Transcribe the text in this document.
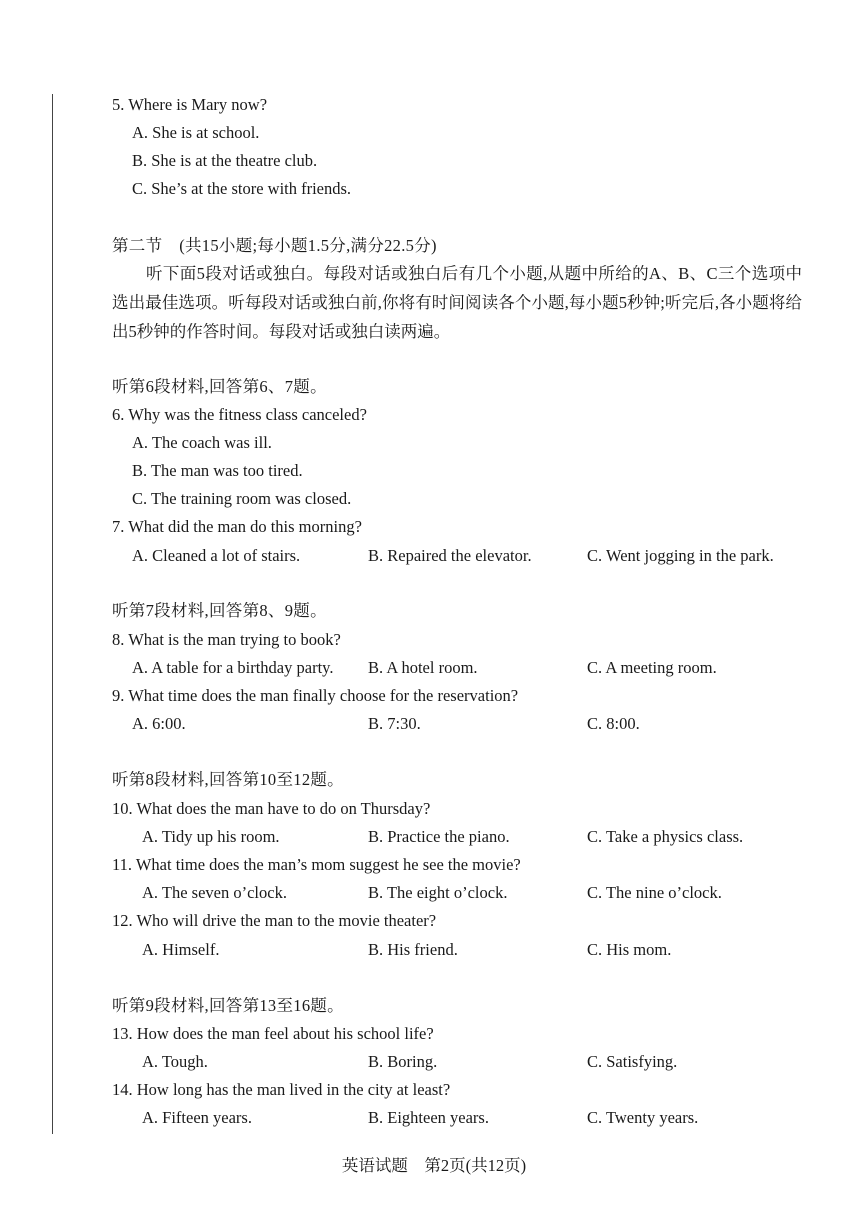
5. Where is Mary now?
A. She is at school.
B. She is at the theatre club.
C. She’s at the store with friends.
第二节　(共15小题;每小题1.5分,满分22.5分)
听下面5段对话或独白。每段对话或独白后有几个小题,从题中所给的A、B、C三个选项中选出最佳选项。听每段对话或独白前,你将有时间阅读各个小题,每小题5秒钟;听完后,各小题将给出5秒钟的作答时间。每段对话或独白读两遍。
听第6段材料,回答第6、7题。
6. Why was the fitness class canceled?
A. The coach was ill.
B. The man was too tired.
C. The training room was closed.
7. What did the man do this morning?
A. Cleaned a lot of stairs.	B. Repaired the elevator.	C. Went jogging in the park.
听第7段材料,回答第8、9题。
8. What is the man trying to book?
A. A table for a birthday party. B. A hotel room.	C. A meeting room.
9. What time does the man finally choose for the reservation?
A. 6:00.	B. 7:30.	C. 8:00.
听第8段材料,回答第10至12题。
10. What does the man have to do on Thursday?
A. Tidy up his room.	B. Practice the piano.	C. Take a physics class.
11. What time does the man’s mom suggest he see the movie?
A. The seven o’clock.	B. The eight o’clock.	C. The nine o’clock.
12. Who will drive the man to the movie theater?
A. Himself.	B. His friend.	C. His mom.
听第9段材料,回答第13至16题。
13. How does the man feel about his school life?
A. Tough.	B. Boring.	C. Satisfying.
14. How long has the man lived in the city at least?
A. Fifteen years.	B. Eighteen years.	C. Twenty years.
英语试题　第2页(共12页)
